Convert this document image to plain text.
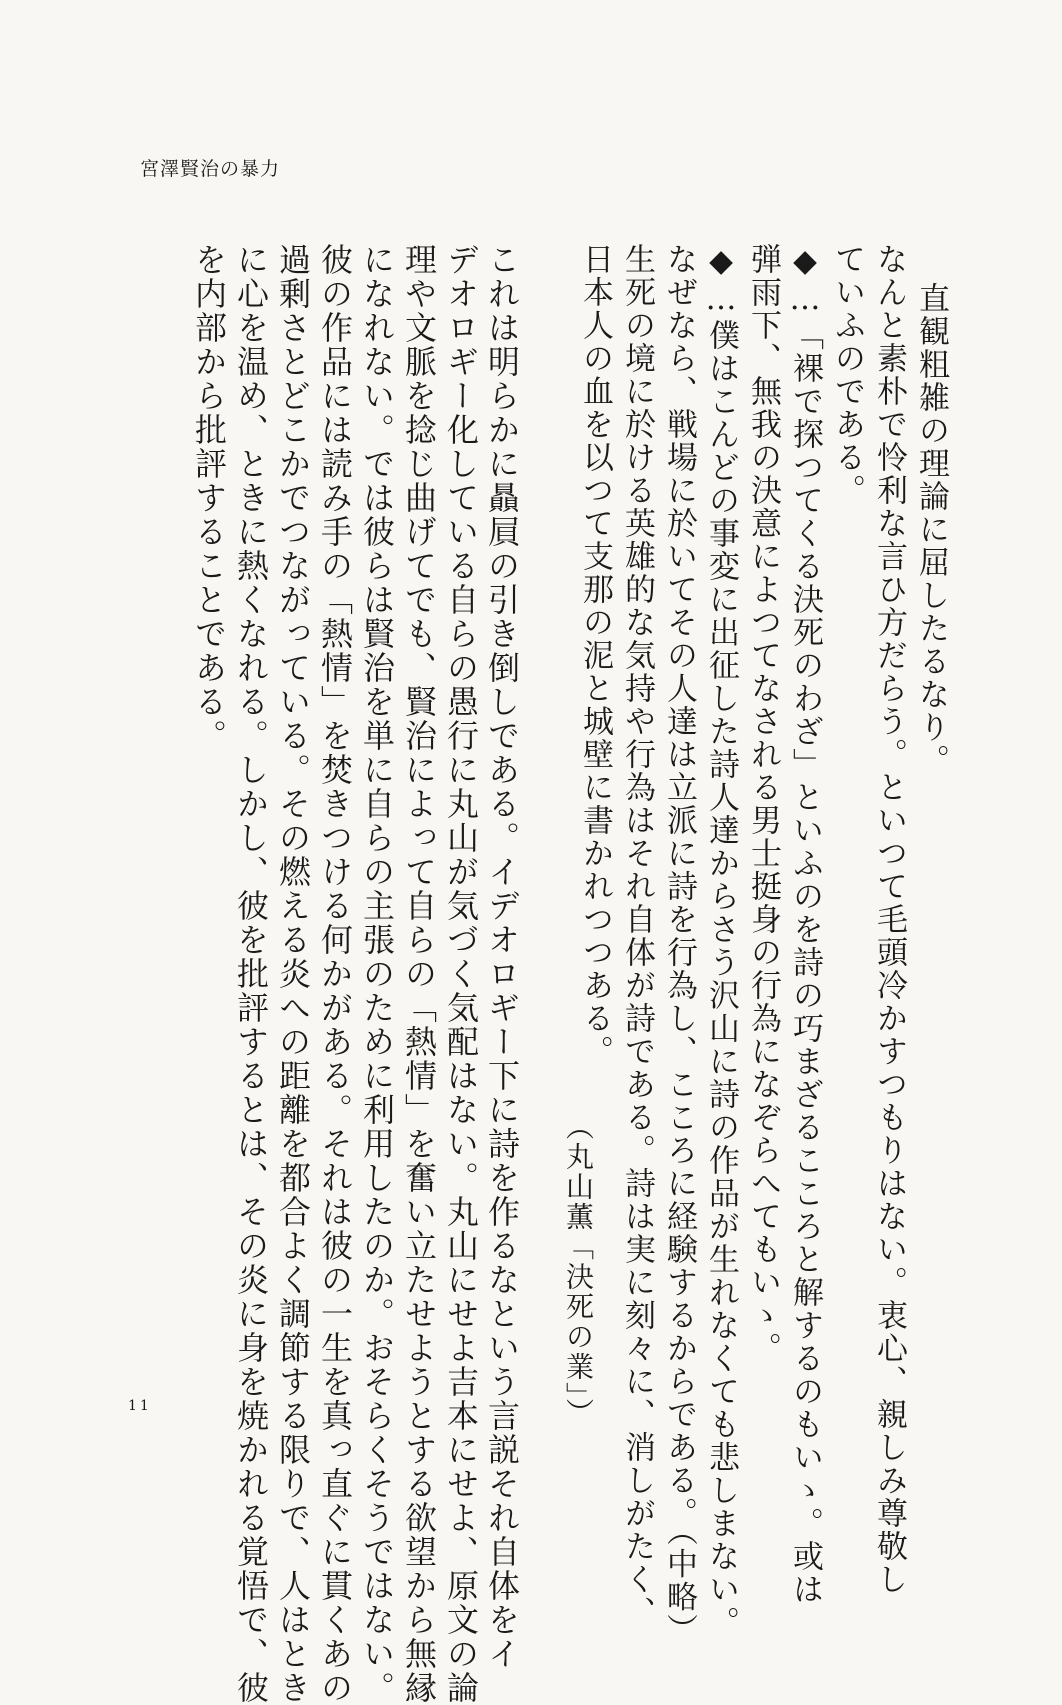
宮澤賢治の暴力
直観粗雑の理論に屈したるなり。
なんと素朴で怜利な言ひ方だらう。といつて毛頭冷かすつもりはない。衷心、親しみ尊敬し
ていふのである。
◆…「裸で探つてくる決死のわざ」といふのを詩の巧まざるこころと解するのもいゝ。或は
弾雨下、無我の決意によつてなされる男士挺身の行為になぞらへてもいゝ。
◆…僕はこんどの事変に出征した詩人達からさう沢山に詩の作品が生れなくても悲しまない。
なぜなら、戦場に於いてその人達は立派に詩を行為し、こころに経験するからである。（中略）
生死の境に於ける英雄的な気持や行為はそれ自体が詩である。詩は実に刻々に、消しがたく、
日本人の血を以つて支那の泥と城壁に書かれつつある。
（丸山薫「決死の業」）
これは明らかに贔屓の引き倒しである。イデオロギー下に詩を作るなという言説それ自体をイ
デオロギー化している自らの愚行に丸山が気づく気配はない。丸山にせよ吉本にせよ、原文の論
理や文脈を捻じ曲げてでも、賢治によって自らの「熱情」を奮い立たせようとする欲望から無縁
になれない。では彼らは賢治を単に自らの主張のために利用したのか。おそらくそうではない。
彼の作品には読み手の「熱情」を焚きつける何かがある。それは彼の一生を真っ直ぐに貫くあの
過剰さとどこかでつながっている。その燃える炎への距離を都合よく調節する限りで、人はとき
に心を温め、ときに熱くなれる。しかし、彼を批評するとは、その炎に身を焼かれる覚悟で、彼
を内部から批評することである。
11
